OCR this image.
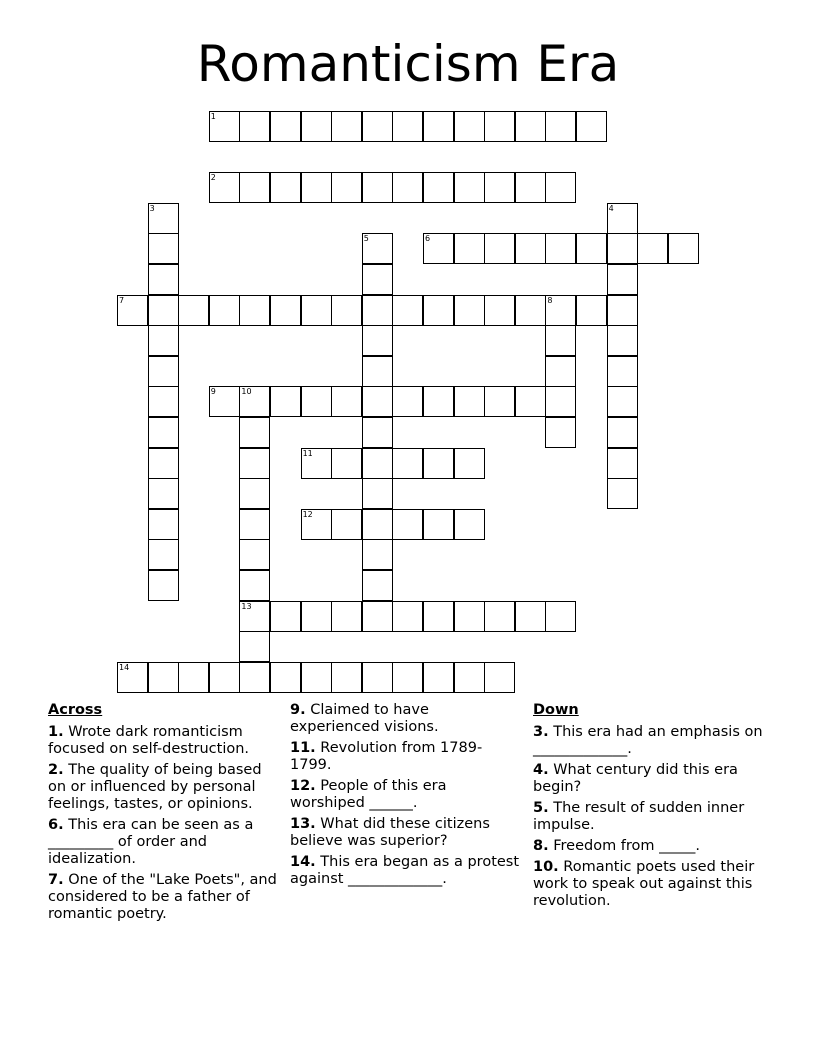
Romanticism Era
1
2
3	4
5	6
7	8
9	10
13
11
12
14
Across
1. Wrote dark romanticism focused on self-destruction.
2. The quality of being based on or influenced by personal feelings, tastes, or opinions.
6. This era can be seen as a _________ of order and idealization.
7. One of the "Lake Poets", and considered to be a father of romantic poetry.
9. Claimed to have experienced visions.
11. Revolution from 1789-1799.
12. People of this era worshiped ______.
13. What did these citizens believe was superior?
14. This era began as a protest against _____________.
Down
3. This era had an emphasis on _____________.
4. What century did this era begin?
5. The result of sudden inner impulse.
8. Freedom from _____.
10. Romantic poets used their work to speak out against this revolution.
